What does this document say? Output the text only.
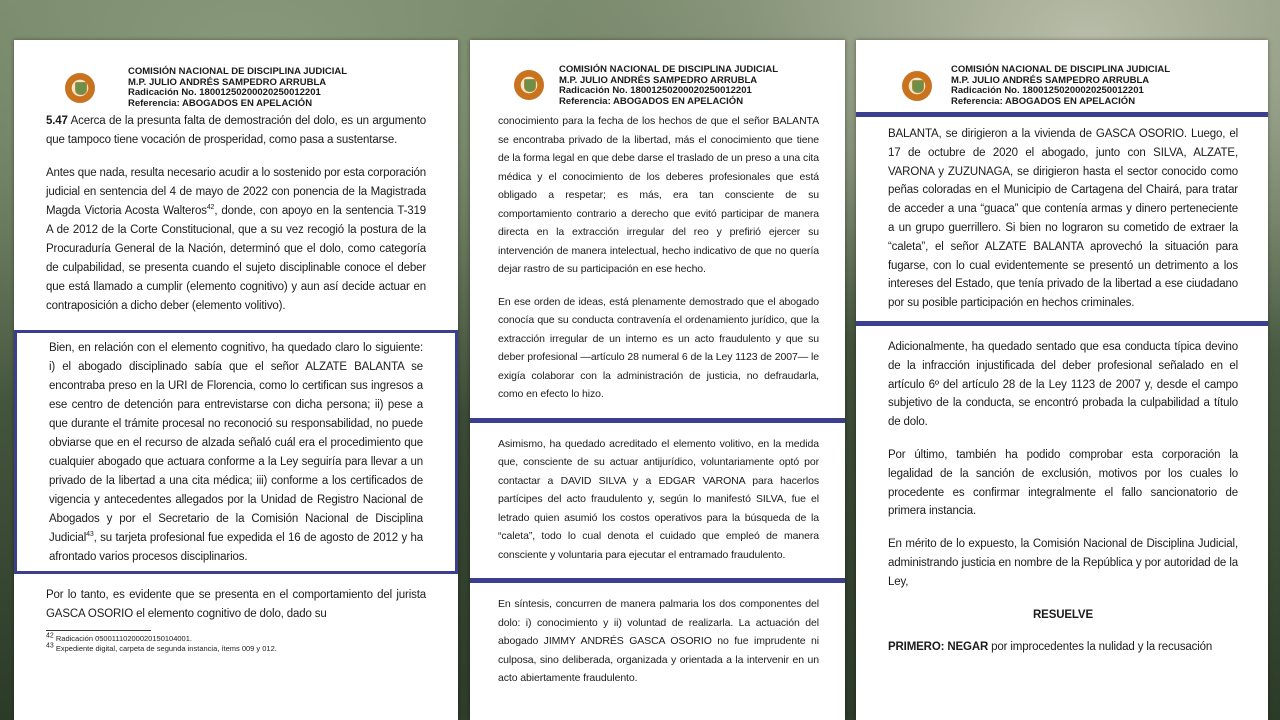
COMISIÓN NACIONAL DE DISCIPLINA JUDICIAL
M.P. JULIO ANDRÉS SAMPEDRO ARRUBLA
Radicación No. 18001250200020250012201
Referencia: ABOGADOS EN APELACIÓN

5.47 Acerca de la presunta falta de demostración del dolo, es un argumento que tampoco tiene vocación de prosperidad, como pasa a sustentarse.

Antes que nada, resulta necesario acudir a lo sostenido por esta corporación judicial en sentencia del 4 de mayo de 2022 con ponencia de la Magistrada Magda Victoria Acosta Walteros$^{42}$, donde, con apoyo en la sentencia T-319 A de 2012 de la Corte Constitucional, que a su vez recogió la postura de la Procuraduría General de la Nación, determinó que el dolo, como categoría de culpabilidad, se presenta cuando el sujeto disciplinable conoce el deber que está llamado a cumplir (elemento cognitivo) y aun así decide actuar en contraposición a dicho deber (elemento volitivo).

Bien, en relación con el elemento cognitivo, ha quedado claro lo siguiente: i) el abogado disciplinado sabía que el señor ALZATE BALANTA se encontraba preso en la URI de Florencia, como lo certifican sus ingresos a ese centro de detención para entrevistarse con dicha persona; ii) pese a que durante el trámite procesal no reconoció su responsabilidad, no puede obviarse que en el recurso de alzada señaló cuál era el procedimiento que cualquier abogado que actuara conforme a la Ley seguiría para llevar a un privado de la libertad a una cita médica; iii) conforme a los certificados de vigencia y antecedentes allegados por la Unidad de Registro Nacional de Abogados y por el Secretario de la Comisión Nacional de Disciplina Judicial$^{43}$, su tarjeta profesional fue expedida el 16 de agosto de 2012 y ha afrontado varios procesos disciplinarios.

Por lo tanto, es evidente que se presenta en el comportamiento del jurista GASCA OSORIO el elemento cognitivo de dolo, dado su

$^{42}$ Radicación 05001110200020150104001.
$^{43}$ Expediente digital, carpeta de segunda instancia, ítems 009 y 012.
COMISIÓN NACIONAL DE DISCIPLINA JUDICIAL
M.P. JULIO ANDRÉS SAMPEDRO ARRUBLA
Radicación No. 18001250200020250012201
Referencia: ABOGADOS EN APELACIÓN

conocimiento para la fecha de los hechos de que el señor BALANTA se encontraba privado de la libertad, más el conocimiento que tiene de la forma legal en que debe darse el traslado de un preso a una cita médica y el conocimiento de los deberes profesionales que está obligado a respetar; es más, era tan consciente de su comportamiento contrario a derecho que evitó participar de manera directa en la extracción irregular del reo y prefirió ejercer su intervención de manera intelectual, hecho indicativo de que no quería dejar rastro de su participación en ese hecho.

En ese orden de ideas, está plenamente demostrado que el abogado conocía que su conducta contravenía el ordenamiento jurídico, que la extracción irregular de un interno es un acto fraudulento y que su deber profesional —artículo 28 numeral 6 de la Ley 1123 de 2007— le exigía colaborar con la administración de justicia, no defraudarla, como en efecto lo hizo.

Asimismo, ha quedado acreditado el elemento volitivo, en la medida que, consciente de su actuar antijurídico, voluntariamente optó por contactar a DAVID SILVA y a EDGAR VARONA para hacerlos partícipes del acto fraudulento y, según lo manifestó SILVA, fue el letrado quien asumió los costos operativos para la búsqueda de la “caleta”, todo lo cual denota el cuidado que empleó de manera consciente y voluntaria para ejecutar el entramado fraudulento.

En síntesis, concurren de manera palmaria los dos componentes del dolo: i) conocimiento y ii) voluntad de realizarla. La actuación del abogado JIMMY ANDRÉS GASCA OSORIO no fue imprudente ni culposa, sino deliberada, organizada y orientada a la intervenir en un acto abiertamente fraudulento.

COMISIÓN NACIONAL DE DISCIPLINA JUDICIAL
M.P. JULIO ANDRÉS SAMPEDRO ARRUBLA
Radicación No. 18001250200020250012201
Referencia: ABOGADOS EN APELACIÓN

BALANTA, se dirigieron a la vivienda de GASCA OSORIO. Luego, el 17 de octubre de 2020 el abogado, junto con SILVA, ALZATE, VARONA y ZUZUNAGA, se dirigieron hasta el sector conocido como peñas coloradas en el Municipio de Cartagena del Chairá, para tratar de acceder a una “guaca” que contenía armas y dinero perteneciente a un grupo guerrillero. Si bien no lograron su cometido de extraer la “caleta”, el señor ALZATE BALANTA aprovechó la situación para fugarse, con lo cual evidentemente se presentó un detrimento a los intereses del Estado, que tenía privado de la libertad a ese ciudadano por su posible participación en hechos criminales.

Adicionalmente, ha quedado sentado que esa conducta típica devino de la infracción injustificada del deber profesional señalado en el artículo 6º del artículo 28 de la Ley 1123 de 2007 y, desde el campo subjetivo de la conducta, se encontró probada la culpabilidad a título de dolo.

Por último, también ha podido comprobar esta corporación la legalidad de la sanción de exclusión, motivos por los cuales lo procedente es confirmar integralmente el fallo sancionatorio de primera instancia.

En mérito de lo expuesto, la Comisión Nacional de Disciplina Judicial, administrando justicia en nombre de la República y por autoridad de la Ley,

RESUELVE

PRIMERO: NEGAR por improcedentes la nulidad y la recusación
